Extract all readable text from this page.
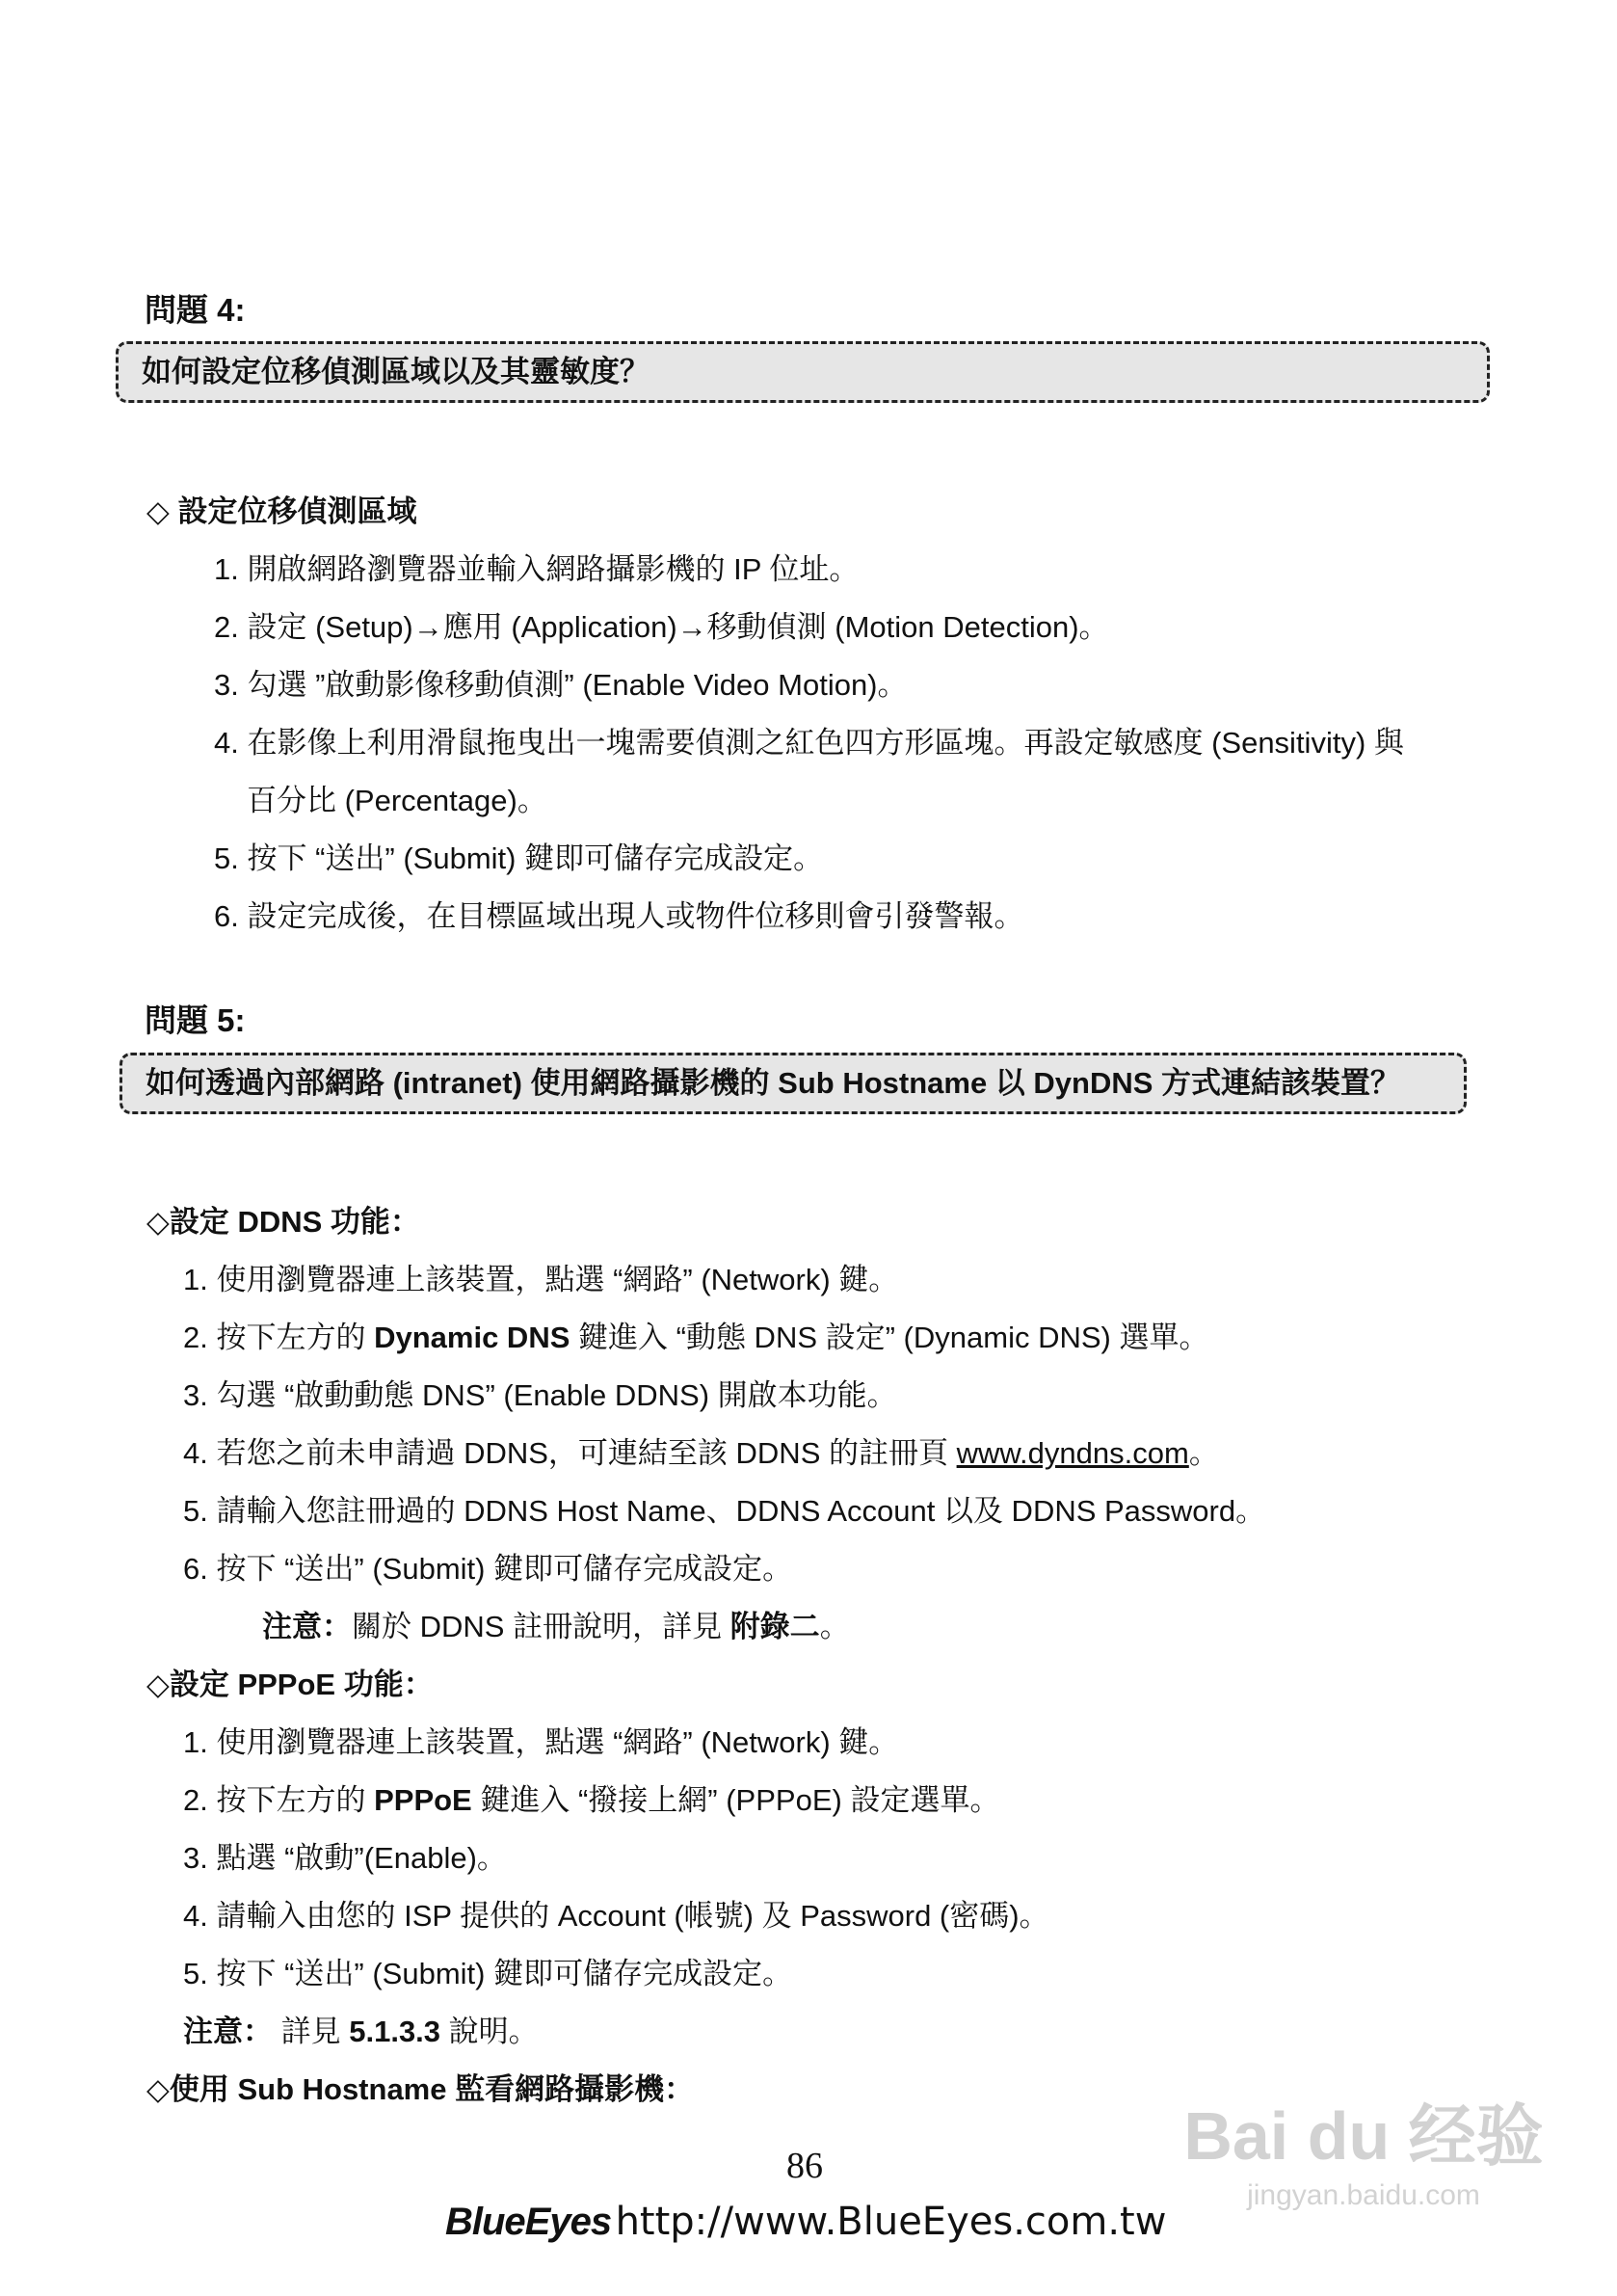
問題 4:
如何設定位移偵測區域以及其靈敏度？
◇ 設定位移偵測區域
1. 開啟網路瀏覽器並輸入網路攝影機的 IP 位址。
2. 設定 (Setup)→應用 (Application)→移動偵測 (Motion Detection)。
3. 勾選 ”啟動影像移動偵測” (Enable Video Motion)。
4. 在影像上利用滑鼠拖曳出一塊需要偵測之紅色四方形區塊。再設定敏感度 (Sensitivity) 與
百分比 (Percentage)。
5. 按下 “送出” (Submit) 鍵即可儲存完成設定。
6. 設定完成後，在目標區域出現人或物件位移則會引發警報。
問題 5:
如何透過內部網路 (intranet) 使用網路攝影機的 Sub Hostname 以 DynDNS 方式連結該裝置？
◇設定 DDNS 功能：
1. 使用瀏覽器連上該裝置，點選 “網路” (Network) 鍵。
2. 按下左方的 Dynamic DNS 鍵進入 “動態 DNS 設定” (Dynamic DNS) 選單。
3. 勾選 “啟動動態 DNS” (Enable DDNS) 開啟本功能。
4. 若您之前未申請過 DDNS，可連結至該 DDNS 的註冊頁 www.dyndns.com。
5. 請輸入您註冊過的 DDNS Host Name、DDNS Account 以及 DDNS Password。
6. 按下 “送出” (Submit) 鍵即可儲存完成設定。
注意：關於 DDNS 註冊說明，詳見 附錄二。
◇設定 PPPoE 功能：
1. 使用瀏覽器連上該裝置，點選 “網路” (Network) 鍵。
2. 按下左方的 PPPoE 鍵進入 “撥接上網” (PPPoE) 設定選單。
3. 點選 “啟動”(Enable)。
4. 請輸入由您的 ISP 提供的 Account (帳號) 及 Password (密碼)。
5. 按下 “送出” (Submit) 鍵即可儲存完成設定。
注意： 詳見 5.1.3.3 說明。
◇使用 Sub Hostname 監看網路攝影機：
86
BlueEyes http://www.BlueEyes.com.tw
Bai du 经验
jingyan.baidu.com
